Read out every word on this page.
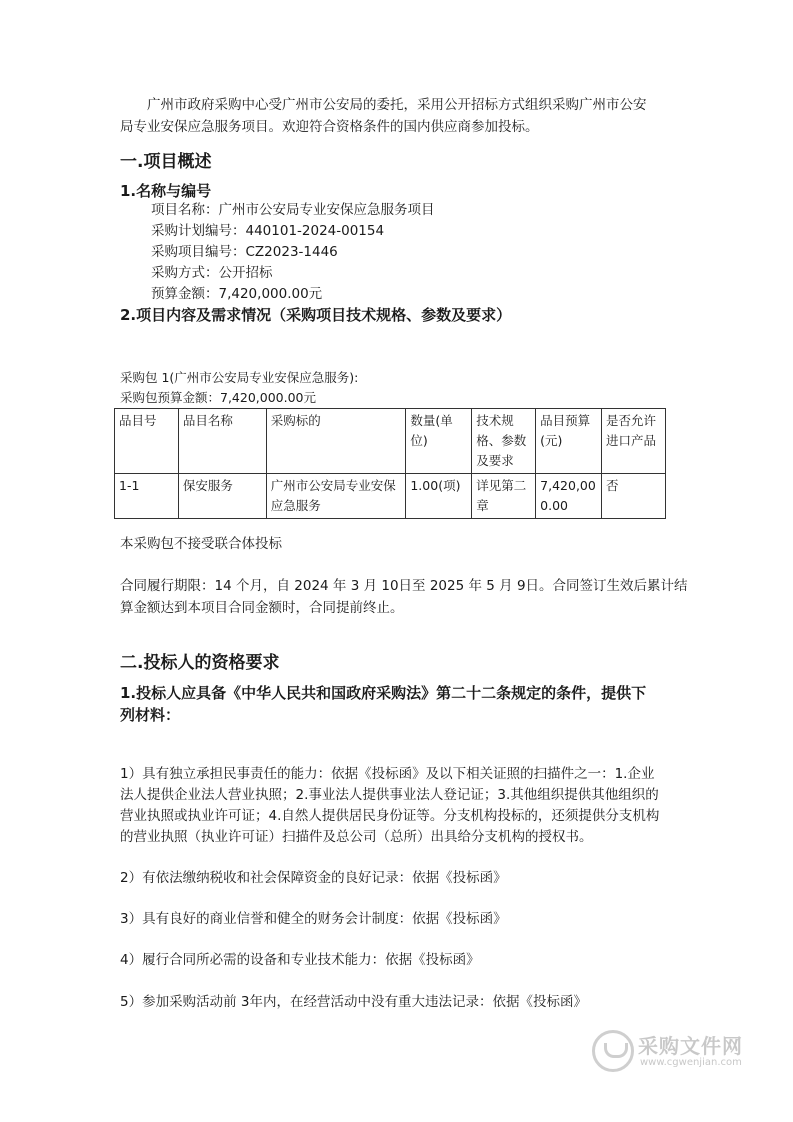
广州市政府采购中心受广州市公安局的委托，采用公开招标方式组织采购广州市公安
局专业安保应急服务项目。欢迎符合资格条件的国内供应商参加投标。
一.项目概述
1.名称与编号
项目名称：广州市公安局专业安保应急服务项目
采购计划编号：440101-2024-00154
采购项目编号：CZ2023-1446
采购方式：公开招标
预算金额：7,420,000.00元
2.项目内容及需求情况（采购项目技术规格、参数及要求）
采购包 1(广州市公安局专业安保应急服务):
采购包预算金额：7,420,000.00元
品目号	品目名称	采购标的	数量(单位)	技术规格、参数及要求	品目预算(元)	是否允许进口产品
1-1	保安服务	广州市公安局专业安保应急服务	1.00(项)	详见第二章	7,420,000.00	否
本采购包不接受联合体投标
合同履行期限：14 个月，自 2024 年 3 月 10日至 2025 年 5 月 9日。合同签订生效后累计结
算金额达到本项目合同金额时，合同提前终止。
二.投标人的资格要求
1.投标人应具备《中华人民共和国政府采购法》第二十二条规定的条件，提供下
列材料：
1）具有独立承担民事责任的能力：依据《投标函》及以下相关证照的扫描件之一：1.企业
法人提供企业法人营业执照；2.事业法人提供事业法人登记证；3.其他组织提供其他组织的
营业执照或执业许可证；4.自然人提供居民身份证等。分支机构投标的，还须提供分支机构
的营业执照（执业许可证）扫描件及总公司（总所）出具给分支机构的授权书。
2）有依法缴纳税收和社会保障资金的良好记录：依据《投标函》
3）具有良好的商业信誉和健全的财务会计制度：依据《投标函》
4）履行合同所必需的设备和专业技术能力：依据《投标函》
5）参加采购活动前 3年内，在经营活动中没有重大违法记录：依据《投标函》
采购文件网
www.cgwenjian.com
